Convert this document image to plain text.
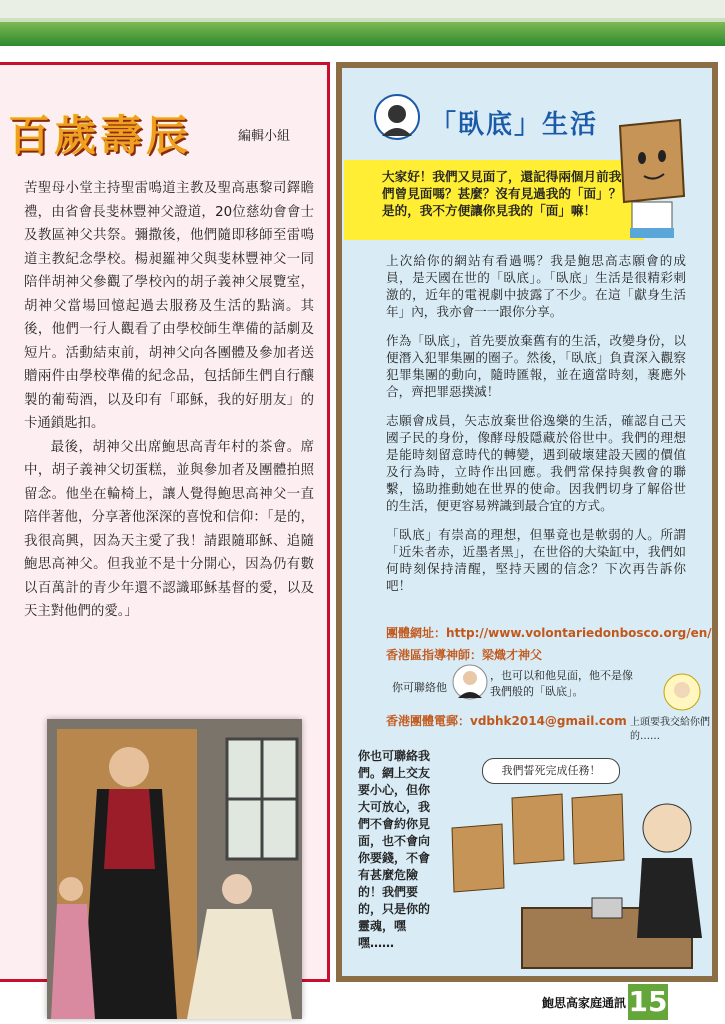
百歲壽辰	編輯小組

苦聖母小堂主持聖雷鳴道主教及聖高惠黎司鐸瞻禮，由省會長斐林豐神父證道，20位慈幼會會士及教區神父共祭。彌撒後，他們隨即移師至雷鳴道主教紀念學校。楊昶羅神父與斐林豐神父一同陪伴胡神父參觀了學校內的胡子義神父展覽室，胡神父當場回憶起過去服務及生活的點滴。其後，他們一行人觀看了由學校師生準備的話劇及短片。活動結束前，胡神父向各團體及參加者送贈兩件由學校準備的紀念品，包括師生們自行釀製的葡萄酒，以及印有「耶穌，我的好朋友」的卡通鎖匙扣。

最後，胡神父出席鮑思高青年村的茶會。席中，胡子義神父切蛋糕，並與參加者及團體拍照留念。他坐在輪椅上，讓人覺得鮑思高神父一直陪伴著他，分享著他深深的喜悅和信仰：「是的，我很高興，因為天主愛了我！請跟隨耶穌、追隨鮑思高神父。但我並不是十分開心，因為仍有數以百萬計的青少年還不認識耶穌基督的愛，以及天主對他們的愛。」

「臥底」生活
大家好！我們又見面了，還記得兩個月前我們曾見面嗎？甚麼？沒有見過我的「面」？是的，我不方便讓你見我的「面」嘛！

上次給你的網站有看過嗎？我是鮑思高志願會的成員，是天國在世的「臥底」。「臥底」生活是很精彩刺激的，近年的電視劇中披露了不少。在這「獻身生活年」內，我亦會一一跟你分享。

作為「臥底」，首先要放棄舊有的生活，改變身份，以便潛入犯罪集團的圈子。然後，「臥底」負責深入觀察犯罪集團的動向，隨時匯報，並在適當時刻，裹應外合，齊把罪惡撲滅！

志願會成員，矢志放棄世俗逸樂的生活，確認自己天國子民的身份，像酵母般隱藏於俗世中。我們的理想是能時刻留意時代的轉變，遇到破壞建設天國的價值及行為時，立時作出回應。我們常保持與教會的聯繫，協助推動她在世界的使命。因我們切身了解俗世的生活，便更容易辨識到最合宜的方式。

「臥底」有崇高的理想，但畢竟也是軟弱的人。所謂「近朱者赤，近墨者黑」，在世俗的大染缸中，我們如何時刻保持清醒，堅持天國的信念？下次再告訴你吧！

團體網址：http://www.volontariedonbosco.org/en/
香港區指導神師：梁熾才神父
你可聯絡他
，也可以和他見面，他不是像我們般的「臥底」。
香港團體電郵：vdbhk2014@gmail.com 上頭要我交給你們的……
你也可聯絡我們。網上交友要小心，但你大可放心，我們不會約你見面，也不會向你要錢，不會有甚麼危險的！我們要的，只是你的靈魂，嘿嘿……
我們誓死完成任務！
鮑思高家庭通訊 15
